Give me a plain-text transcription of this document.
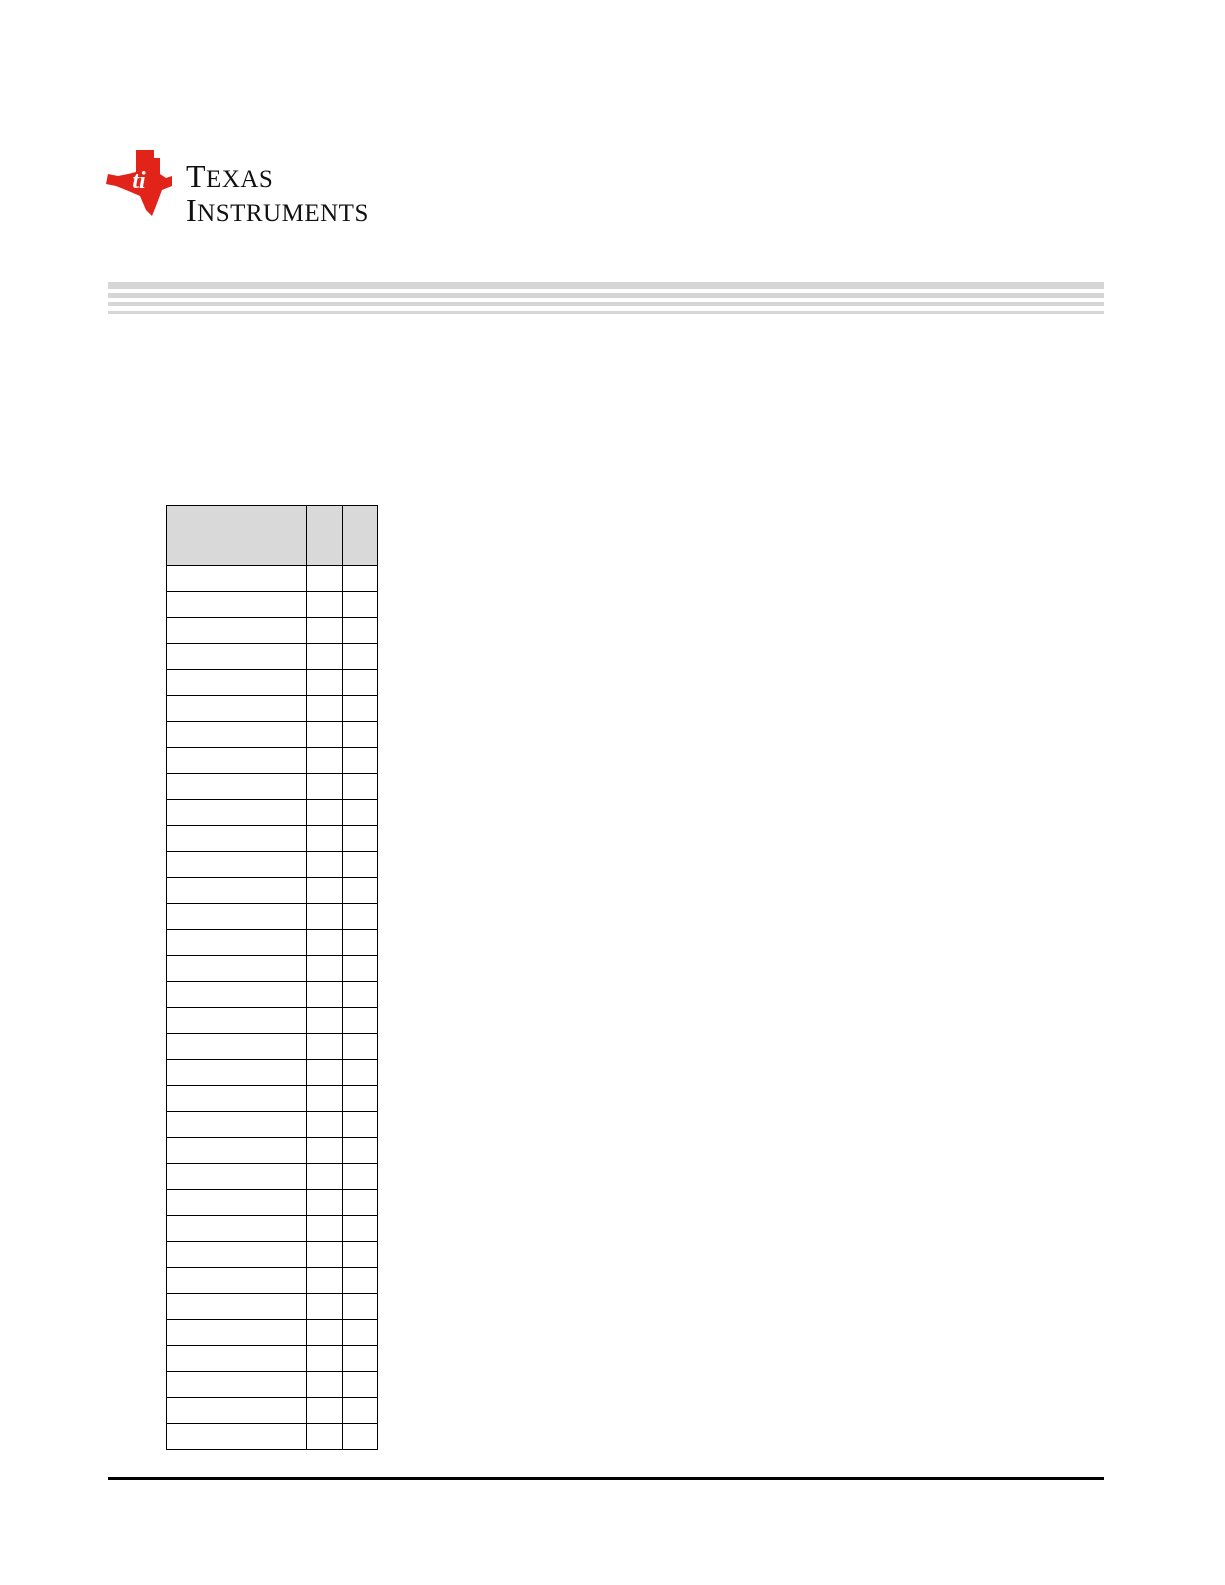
ti TEXAS
INSTRUMENTS
